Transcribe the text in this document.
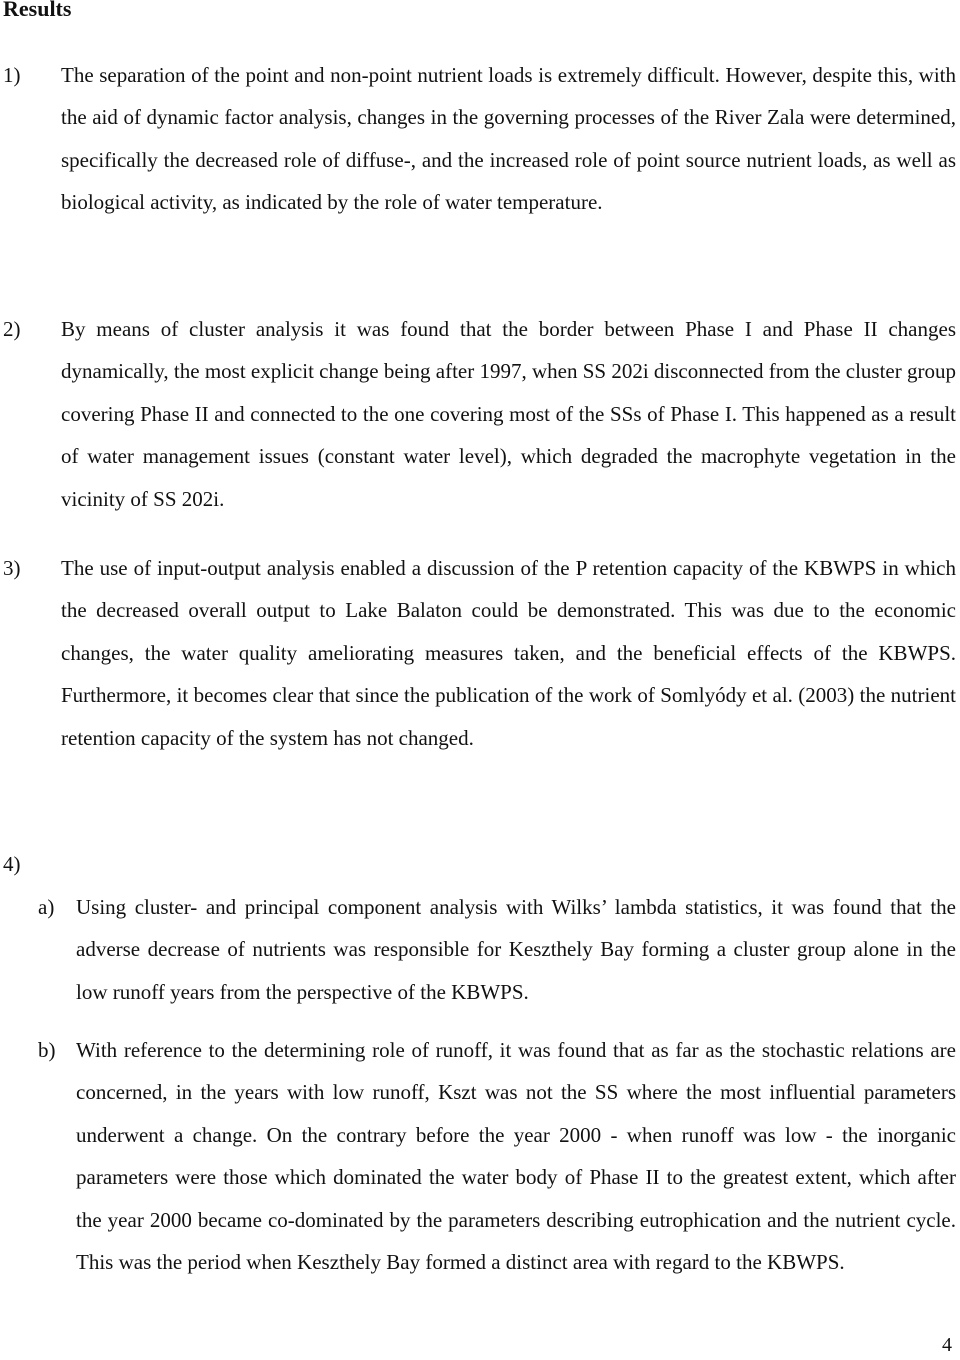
Results
1) The separation of the point and non-point nutrient loads is extremely difficult. However, despite this, with the aid of dynamic factor analysis, changes in the governing processes of the River Zala were determined, specifically the decreased role of diffuse-, and the increased role of point source nutrient loads, as well as biological activity, as indicated by the role of water temperature.

2) By means of cluster analysis it was found that the border between Phase I and Phase II changes dynamically, the most explicit change being after 1997, when SS 202i disconnected from the cluster group covering Phase II and connected to the one covering most of the SSs of Phase I. This happened as a result of water management issues (constant water level), which degraded the macrophyte vegetation in the vicinity of SS 202i.

3) The use of input-output analysis enabled a discussion of the P retention capacity of the KBWPS in which the decreased overall output to Lake Balaton could be demonstrated. This was due to the economic changes, the water quality ameliorating measures taken, and the beneficial effects of the KBWPS. Furthermore, it becomes clear that since the publication of the work of Somlyódy et al. (2003) the nutrient retention capacity of the system has not changed.

4)
a) Using cluster- and principal component analysis with Wilks’ lambda statistics, it was found that the adverse decrease of nutrients was responsible for Keszthely Bay forming a cluster group alone in the low runoff years from the perspective of the KBWPS.

b) With reference to the determining role of runoff, it was found that as far as the stochastic relations are concerned, in the years with low runoff, Kszt was not the SS where the most influential parameters underwent a change. On the contrary before the year 2000 - when runoff was low - the inorganic parameters were those which dominated the water body of Phase II to the greatest extent, which after the year 2000 became co-dominated by the parameters describing eutrophication and the nutrient cycle. This was the period when Keszthely Bay formed a distinct area with regard to the KBWPS.

4
